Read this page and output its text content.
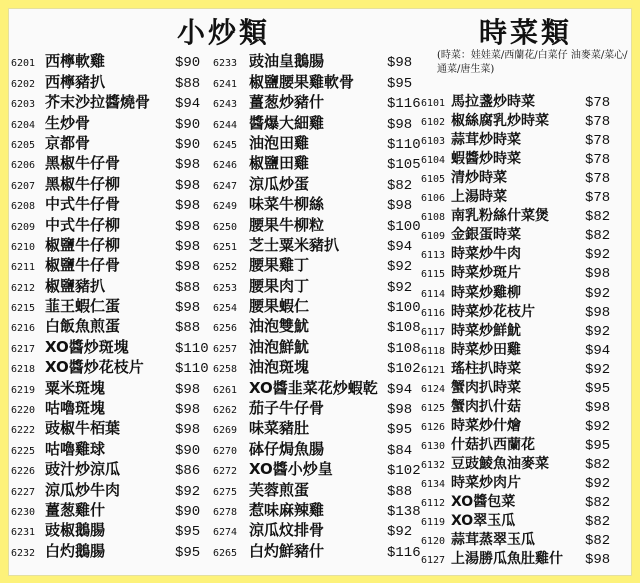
小炒類	時菜類
(時菜：娃娃菜/西蘭花/白菜仔 油麥菜/菜心/通菜/唐生菜)
6201 西檸軟雞	$90
6202 西檸豬扒	$88
6203 芥末沙拉醬燒骨 $94
6204 生炒骨	$90
6205 京都骨	$90
6206 黑椒牛仔骨	$98
6207 黑椒牛仔柳	$98
6208 中式牛仔骨	$98
6209 中式牛仔柳	$98
6210 椒鹽牛仔柳	$98
6211 椒鹽牛仔骨	$98
6212 椒鹽豬扒	$88
6215 韮王蝦仁蛋	$98
6216 白飯魚煎蛋	$88
6217 XO醬炒斑塊	$110
6218 XO醬炒花枝片 $110
6219 粟米斑塊	$98
6220 咕嚕斑塊	$98
6222 豉椒牛栢葉	$98
6225 咕嚕雞球	$90
6226 豉汁炒涼瓜	$86
6227 涼瓜炒牛肉	$92
6230 薑葱雞什	$90
6231 豉椒鵝腸	$95
6232 白灼鵝腸	$95
6233 豉油皇鵝腸	$98
6241 椒鹽腰果雞軟骨 $95
6243 薑葱炒豬什	$116
6244 醬爆大細雞	$98
6245 油泡田雞	$110
6246 椒鹽田雞	$105
6247 涼瓜炒蛋	$82
6249 味菜牛柳絲	$98
6250 腰果牛柳粒	$100
6251 芝士粟米豬扒	$94
6252 腰果雞丁	$92
6253 腰果肉丁	$92
6254 腰果蝦仁	$100
6256 油泡雙魷	$108
6257 油泡鮮魷	$108
6258 油泡斑塊	$102
6261 XO醬韭菜花炒蝦乾 $94
6262 茄子牛仔骨	$98
6269 味菜豬肚	$95
6270 砵仔焗魚腸	$84
6272 XO醬小炒皇	$102
6275 芙蓉煎蛋	$88
6278 惹味麻辣雞	$138
6274 涼瓜炆排骨	$92
6265 白灼鮮豬什	$116
6101 馬拉盞炒時菜	$78
6102 椒絲腐乳炒時菜	$78
6103 蒜茸炒時菜	$78
6104 蝦醬炒時菜	$78
6105 清炒時菜	$78
6106 上湯時菜	$78
6108 南乳粉絲什菜煲	$82
6109 金銀蛋時菜	$82
6113 時菜炒牛肉	$92
6115 時菜炒斑片	$98
6114 時菜炒雞柳	$92
6116 時菜炒花枝片	$98
6117 時菜炒鮮魷	$92
6118 時菜炒田雞	$94
6121 瑤柱扒時菜	$92
6124 蟹肉扒時菜	$95
6125 蟹肉扒什菇	$98
6126 時菜炒什燴	$92
6130 什菇扒西蘭花	$95
6132 豆豉鯪魚油麥菜	$82
6134 時菜炒肉片	$92
6112 XO醬包菜	$82
6119 XO翠玉瓜	$82
6120 蒜茸蒸翠玉瓜	$82
6127 上湯勝瓜魚肚雞什 $98
